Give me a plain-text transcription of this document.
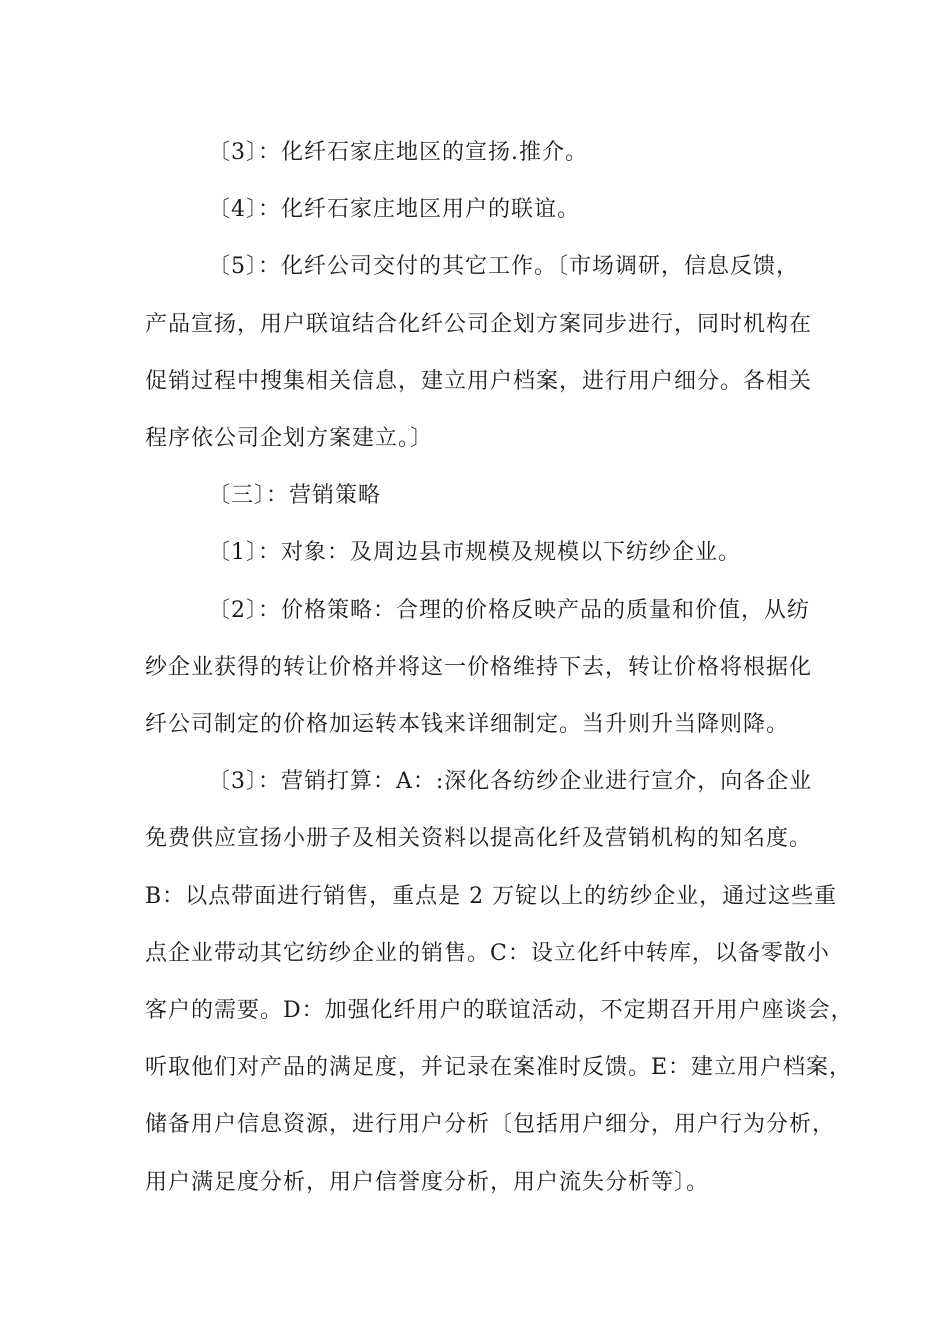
〔3〕：化纤石家庄地区的宣扬.推介。
〔4〕：化纤石家庄地区用户的联谊。
〔5〕：化纤公司交付的其它工作。〔市场调研，信息反馈，
产品宣扬，用户联谊结合化纤公司企划方案同步进行，同时机构在
促销过程中搜集相关信息，建立用户档案，进行用户细分。各相关
程序依公司企划方案建立。〕
〔三〕：营销策略
〔1〕：对象：及周边县市规模及规模以下纺纱企业。
〔2〕：价格策略：合理的价格反映产品的质量和价值，从纺
纱企业获得的转让价格并将这一价格维持下去，转让价格将根据化
纤公司制定的价格加运转本钱来详细制定。当升则升当降则降。
〔3〕：营销打算：A：:深化各纺纱企业进行宣介，向各企业
免费供应宣扬小册子及相关资料以提高化纤及营销机构的知名度。
B：以点带面进行销售，重点是 2 万锭以上的纺纱企业，通过这些重
点企业带动其它纺纱企业的销售。C：设立化纤中转库，以备零散小
客户的需要。D：加强化纤用户的联谊活动，不定期召开用户座谈会，
听取他们对产品的满足度，并记录在案准时反馈。E：建立用户档案，
储备用户信息资源，进行用户分析〔包括用户细分，用户行为分析，
用户满足度分析，用户信誉度分析，用户流失分析等〕。
